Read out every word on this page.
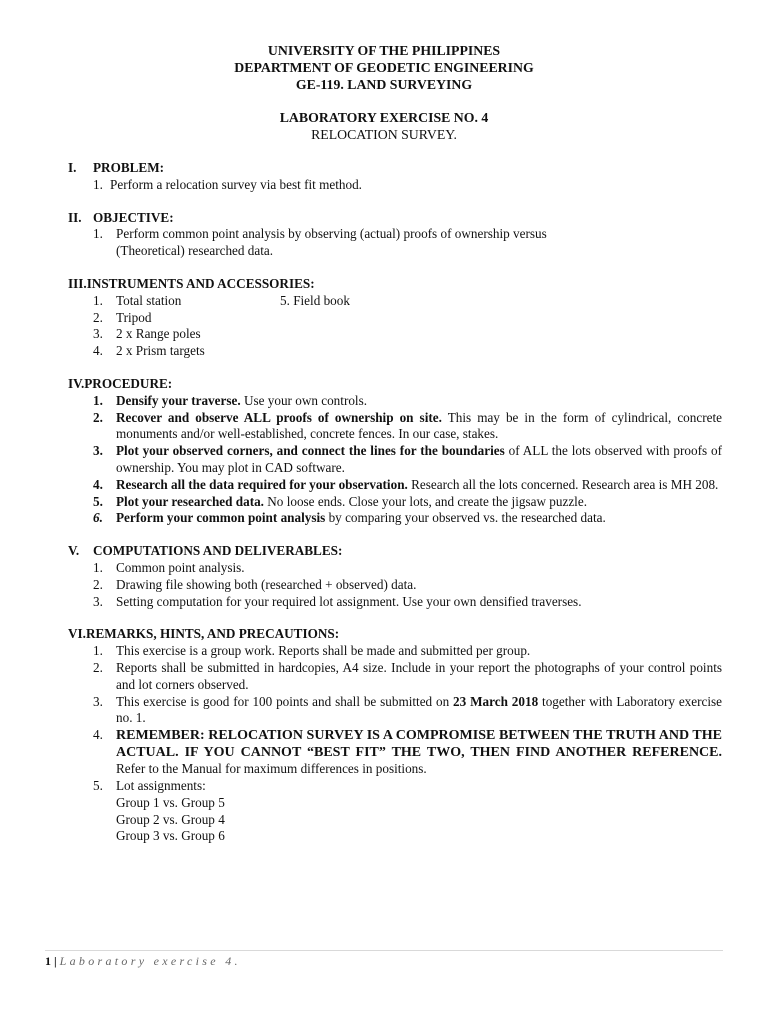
UNIVERSITY OF THE PHILIPPINES
DEPARTMENT OF GEODETIC ENGINEERING
GE-119. LAND SURVEYING
LABORATORY EXERCISE NO. 4
RELOCATION SURVEY.
I.	PROBLEM:
1. Perform a relocation survey via best fit method.
II. OBJECTIVE:
1. Perform common point analysis by observing (actual) proofs of ownership versus
(Theoretical) researched data.
III.INSTRUMENTS AND ACCESSORIES:
1. Total station	5. Field book
2. Tripod
3. 2 x Range poles
4. 2 x Prism targets
IV.PROCEDURE:
1. Densify your traverse. Use your own controls.
2. Recover and observe ALL proofs of ownership on site. This may be in the form of cylindrical, concrete monuments and/or well-established, concrete fences. In our case, stakes.
3. Plot your observed corners, and connect the lines for the boundaries of ALL the lots observed with proofs of ownership. You may plot in CAD software.
4. Research all the data required for your observation. Research all the lots concerned. Research area is MH 208.
5. Plot your researched data. No loose ends. Close your lots, and create the jigsaw puzzle.
6. Perform your common point analysis by comparing your observed vs. the researched data.
V.	COMPUTATIONS AND DELIVERABLES:
1. Common point analysis.
2. Drawing file showing both (researched + observed) data.
3. Setting computation for your required lot assignment. Use your own densified traverses.
VI.REMARKS, HINTS, AND PRECAUTIONS:
1. This exercise is a group work. Reports shall be made and submitted per group.
2. Reports shall be submitted in hardcopies, A4 size. Include in your report the photographs of your control points and lot corners observed.
3. This exercise is good for 100 points and shall be submitted on 23 March 2018 together with Laboratory exercise no. 1.
4. REMEMBER: RELOCATION SURVEY IS A COMPROMISE BETWEEN THE TRUTH AND THE ACTUAL. IF YOU CANNOT “BEST FIT” THE TWO, THEN FIND ANOTHER REFERENCE. Refer to the Manual for maximum differences in positions.
5. Lot assignments:
Group 1 vs. Group 5
Group 2 vs. Group 4
Group 3 vs. Group 6
1 | Laboratory exercise 4.
